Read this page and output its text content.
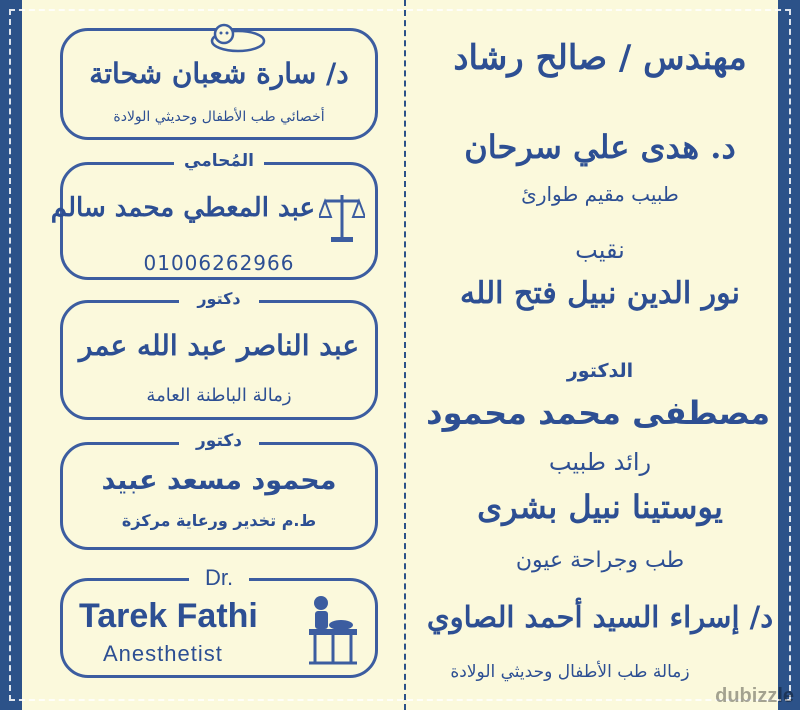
د/ سارة شعبان شحاتة
أخصائي طب الأطفال وحديثي الولادة
المُحامي
عبد المعطي محمد سالم
01006262966
دكتور
عبد الناصر عبد الله عمر
زمالة الباطنة العامة
دكتور
محمود مسعد عبيد
ط.م تخدير ورعاية مركزة
Dr.
Tarek Fathi
Anesthetist
مهندس / صالح رشاد
د. هدى علي سرحان
طبيب مقيم طوارئ
نقيب
نور الدين نبيل فتح الله
الدكتور
مصطفى محمد محمود
رائد طبيب
يوستينا نبيل بشرى
طب وجراحة عيون
د/ إسراء السيد أحمد الصاوي
زمالة طب الأطفال وحديثي الولادة
dubizzle
